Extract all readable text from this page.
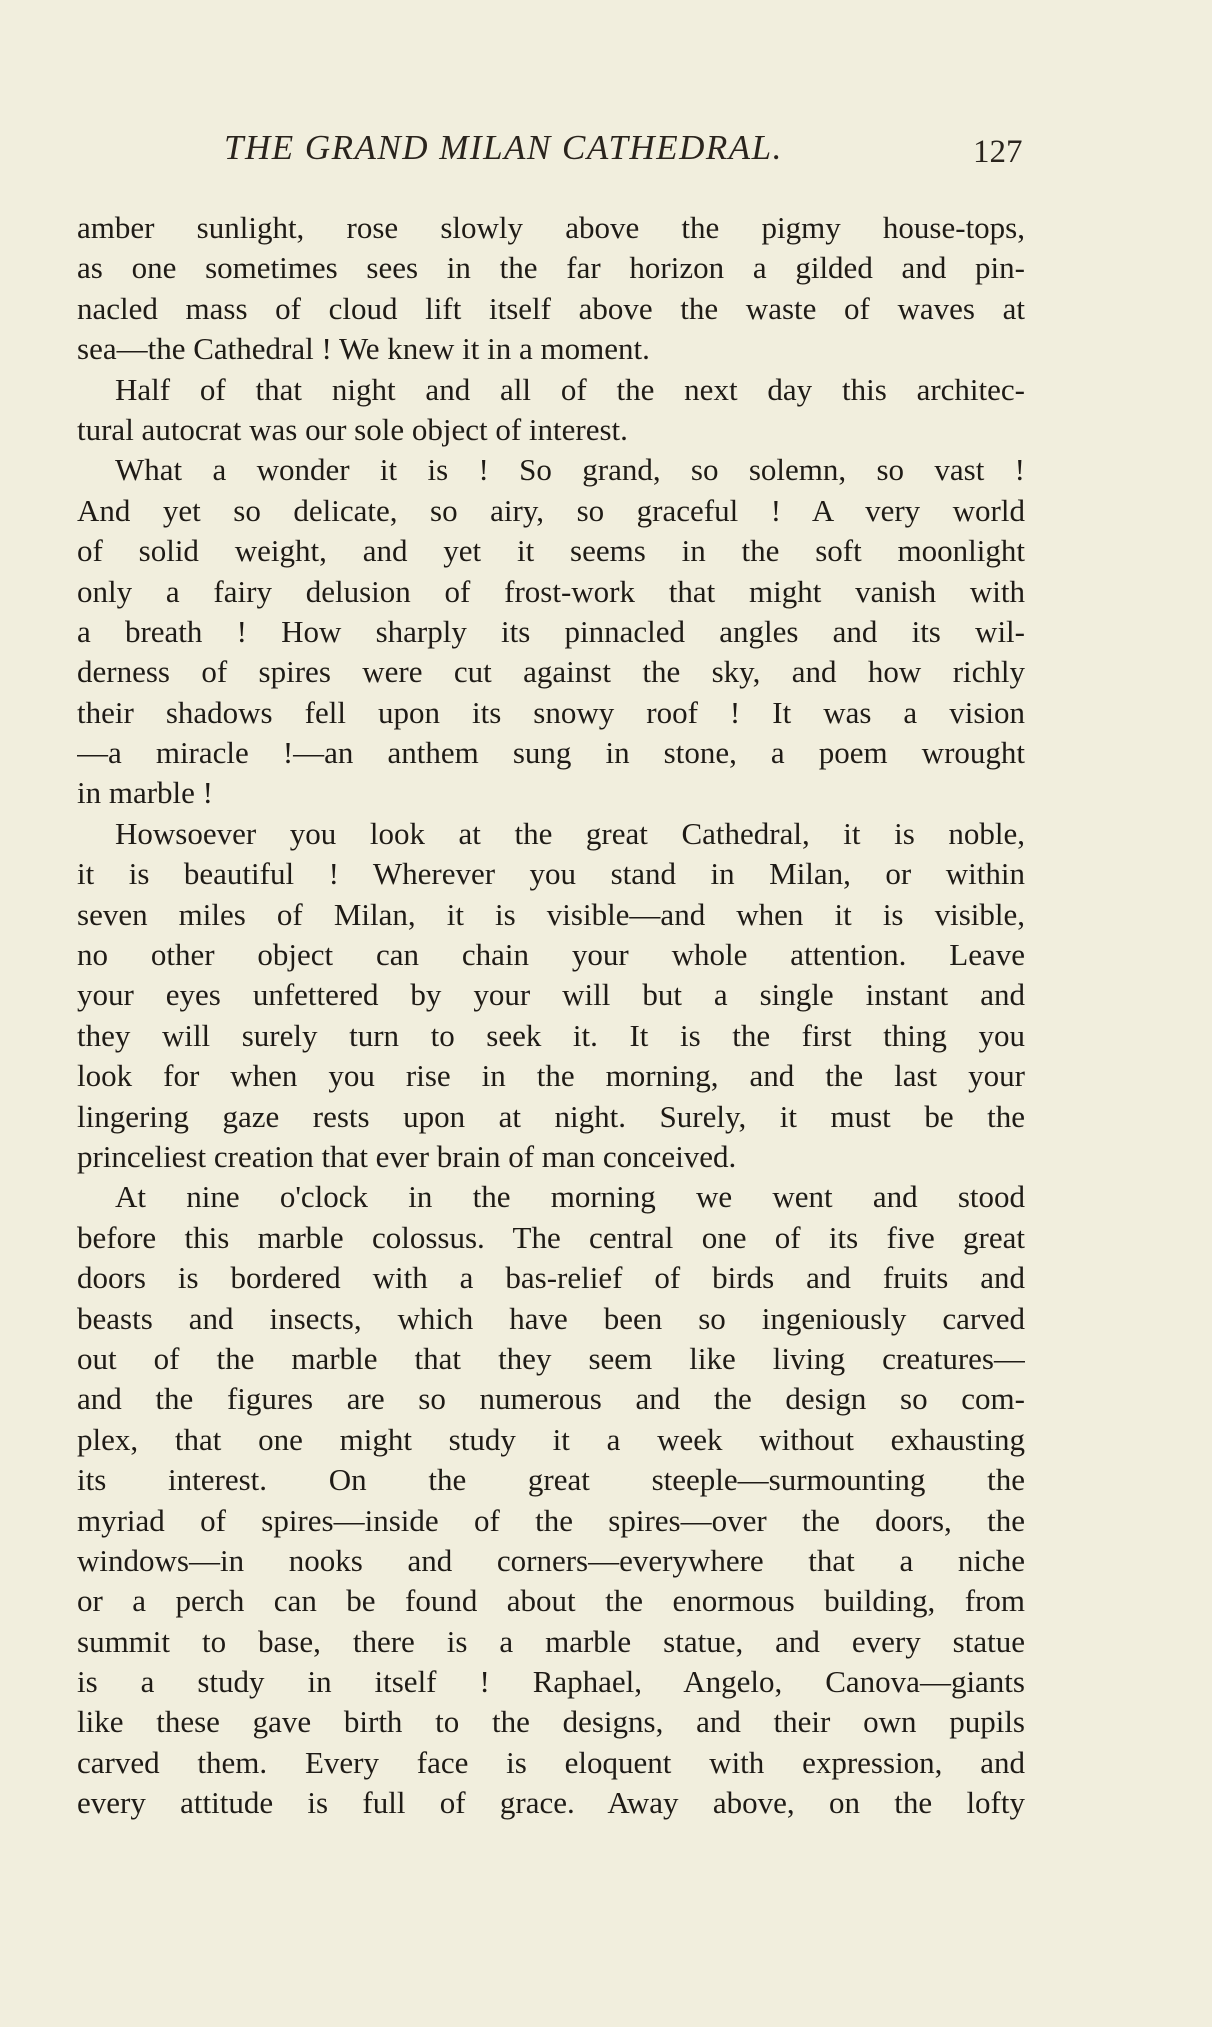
THE GRAND MILAN CATHEDRAL.	127
amber sunlight, rose slowly above the pigmy house-tops,
as one sometimes sees in the far horizon a gilded and pin-
nacled mass of cloud lift itself above the waste of waves at
sea—the Cathedral ! We knew it in a moment.
Half of that night and all of the next day this architec-
tural autocrat was our sole object of interest.
What a wonder it is ! So grand, so solemn, so vast !
And yet so delicate, so airy, so graceful ! A very world
of solid weight, and yet it seems in the soft moonlight
only a fairy delusion of frost-work that might vanish with
a breath ! How sharply its pinnacled angles and its wil-
derness of spires were cut against the sky, and how richly
their shadows fell upon its snowy roof ! It was a vision
—a miracle !—an anthem sung in stone, a poem wrought
in marble !
Howsoever you look at the great Cathedral, it is noble,
it is beautiful ! Wherever you stand in Milan, or within
seven miles of Milan, it is visible—and when it is visible,
no other object can chain your whole attention. Leave
your eyes unfettered by your will but a single instant and
they will surely turn to seek it. It is the first thing you
look for when you rise in the morning, and the last your
lingering gaze rests upon at night. Surely, it must be the
princeliest creation that ever brain of man conceived.
At nine o'clock in the morning we went and stood
before this marble colossus. The central one of its five great
doors is bordered with a bas-relief of birds and fruits and
beasts and insects, which have been so ingeniously carved
out of the marble that they seem like living creatures—
and the figures are so numerous and the design so com-
plex, that one might study it a week without exhausting
its interest. On the great steeple—surmounting the
myriad of spires—inside of the spires—over the doors, the
windows—in nooks and corners—everywhere that a niche
or a perch can be found about the enormous building, from
summit to base, there is a marble statue, and every statue
is a study in itself ! Raphael, Angelo, Canova—giants
like these gave birth to the designs, and their own pupils
carved them. Every face is eloquent with expression, and
every attitude is full of grace. Away above, on the lofty
